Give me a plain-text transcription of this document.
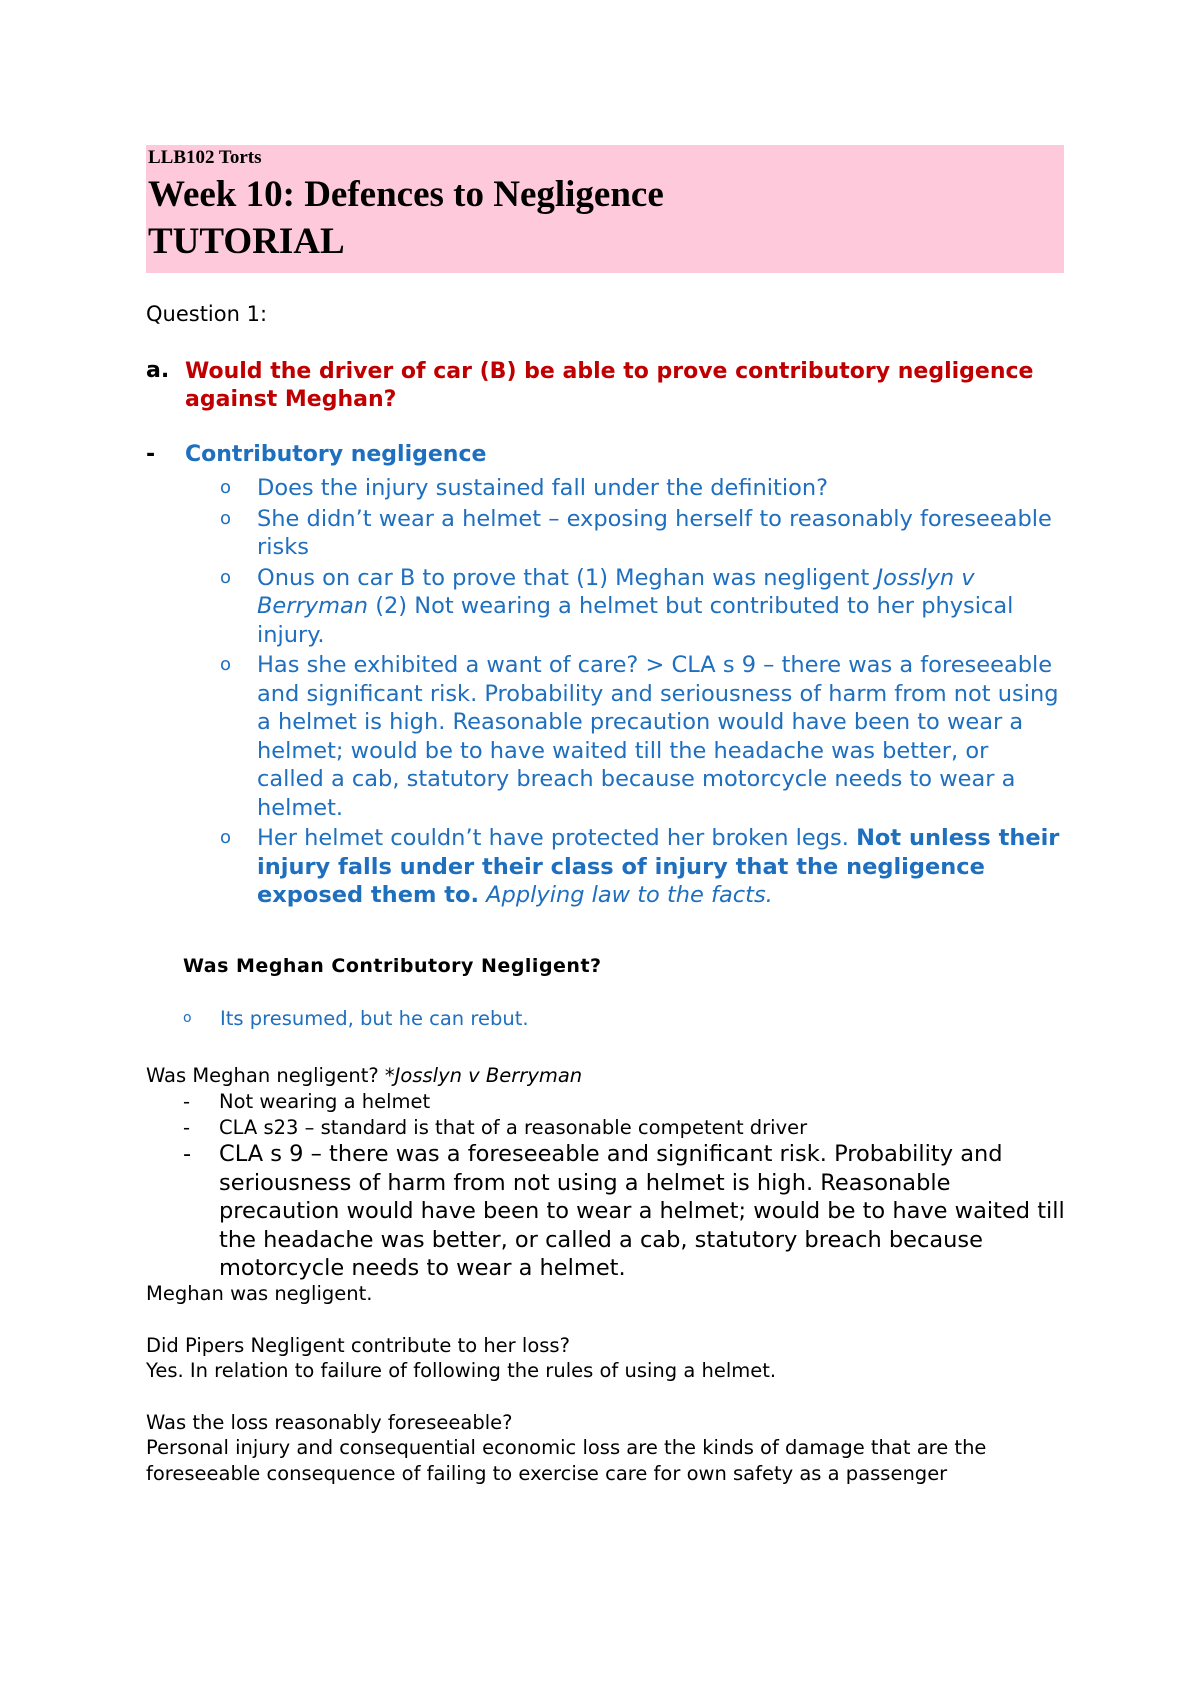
LLB102 Torts

Week 10: Defences to Negligence
TUTORIAL

Question 1:

a. Would the driver of car (B) be able to prove contributory negligence against Meghan?
- Contributory negligence
o Does the injury sustained fall under the definition?
o She didn’t wear a helmet – exposing herself to reasonably foreseeable risks
o Onus on car B to prove that (1) Meghan was negligent Josslyn v Berryman (2) Not wearing a helmet but contributed to her physical injury.
o Has she exhibited a want of care? > CLA s 9 – there was a foreseeable and significant risk. Probability and seriousness of harm from not using a helmet is high. Reasonable precaution would have been to wear a helmet; would be to have waited till the headache was better, or called a cab, statutory breach because motorcycle needs to wear a helmet.
o Her helmet couldn’t have protected her broken legs. Not unless their injury falls under their class of injury that the negligence exposed them to. Applying law to the facts.

Was Meghan Contributory Negligent?

o Its presumed, but he can rebut.

Was Meghan negligent? *Josslyn v Berryman

- Not wearing a helmet
- CLA s23 – standard is that of a reasonable competent driver
- CLA s 9 – there was a foreseeable and significant risk. Probability and seriousness of harm from not using a helmet is high. Reasonable precaution would have been to wear a helmet; would be to have waited till the headache was better, or called a cab, statutory breach because motorcycle needs to wear a helmet.

Meghan was negligent.

Did Pipers Negligent contribute to her loss?

Yes. In relation to failure of following the rules of using a helmet.

Was the loss reasonably foreseeable?

Personal injury and consequential economic loss are the kinds of damage that are the foreseeable consequence of failing to exercise care for own safety as a passenger
